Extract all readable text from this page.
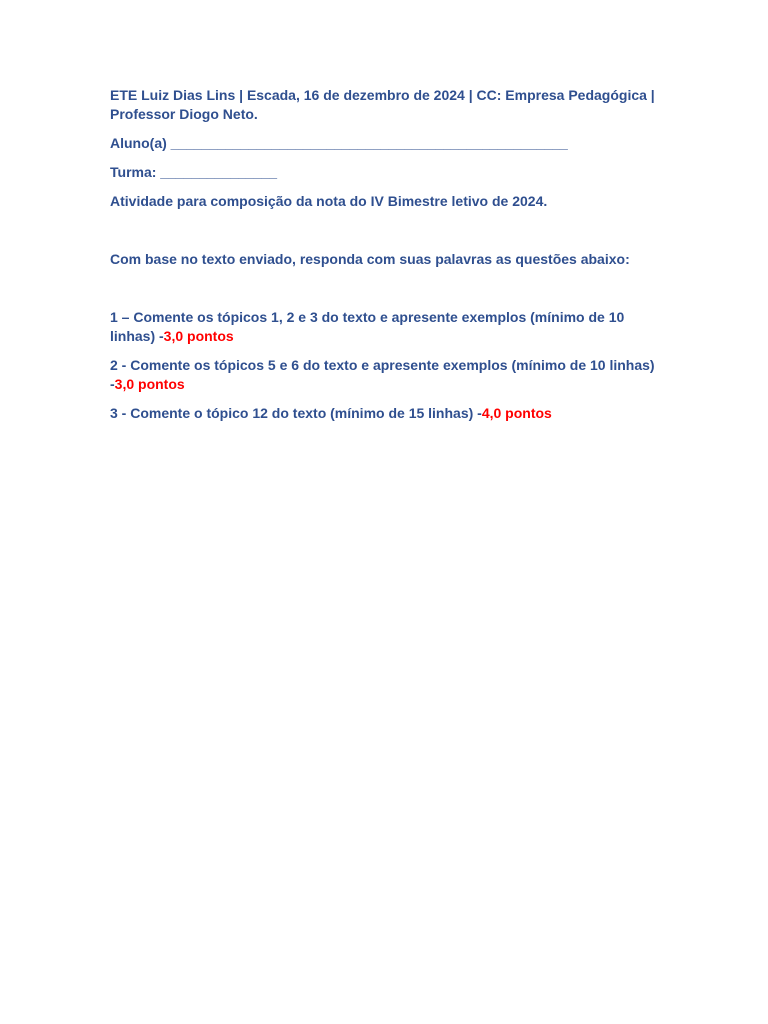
ETE Luiz Dias Lins | Escada, 16 de dezembro de 2024 | CC: Empresa Pedagógica |
Professor Diogo Neto.

Aluno(a) ___________________________________________________

Turma: _______________

Atividade para composição da nota do IV Bimestre letivo de 2024.

Com base no texto enviado, responda com suas palavras as questões abaixo:

1 – Comente os tópicos 1, 2 e 3 do texto e apresente exemplos (mínimo de 10 linhas) -3,0 pontos

2 - Comente os tópicos 5 e 6 do texto e apresente exemplos (mínimo de 10 linhas) -3,0 pontos

3 - Comente o tópico 12 do texto (mínimo de 15 linhas) -4,0 pontos
